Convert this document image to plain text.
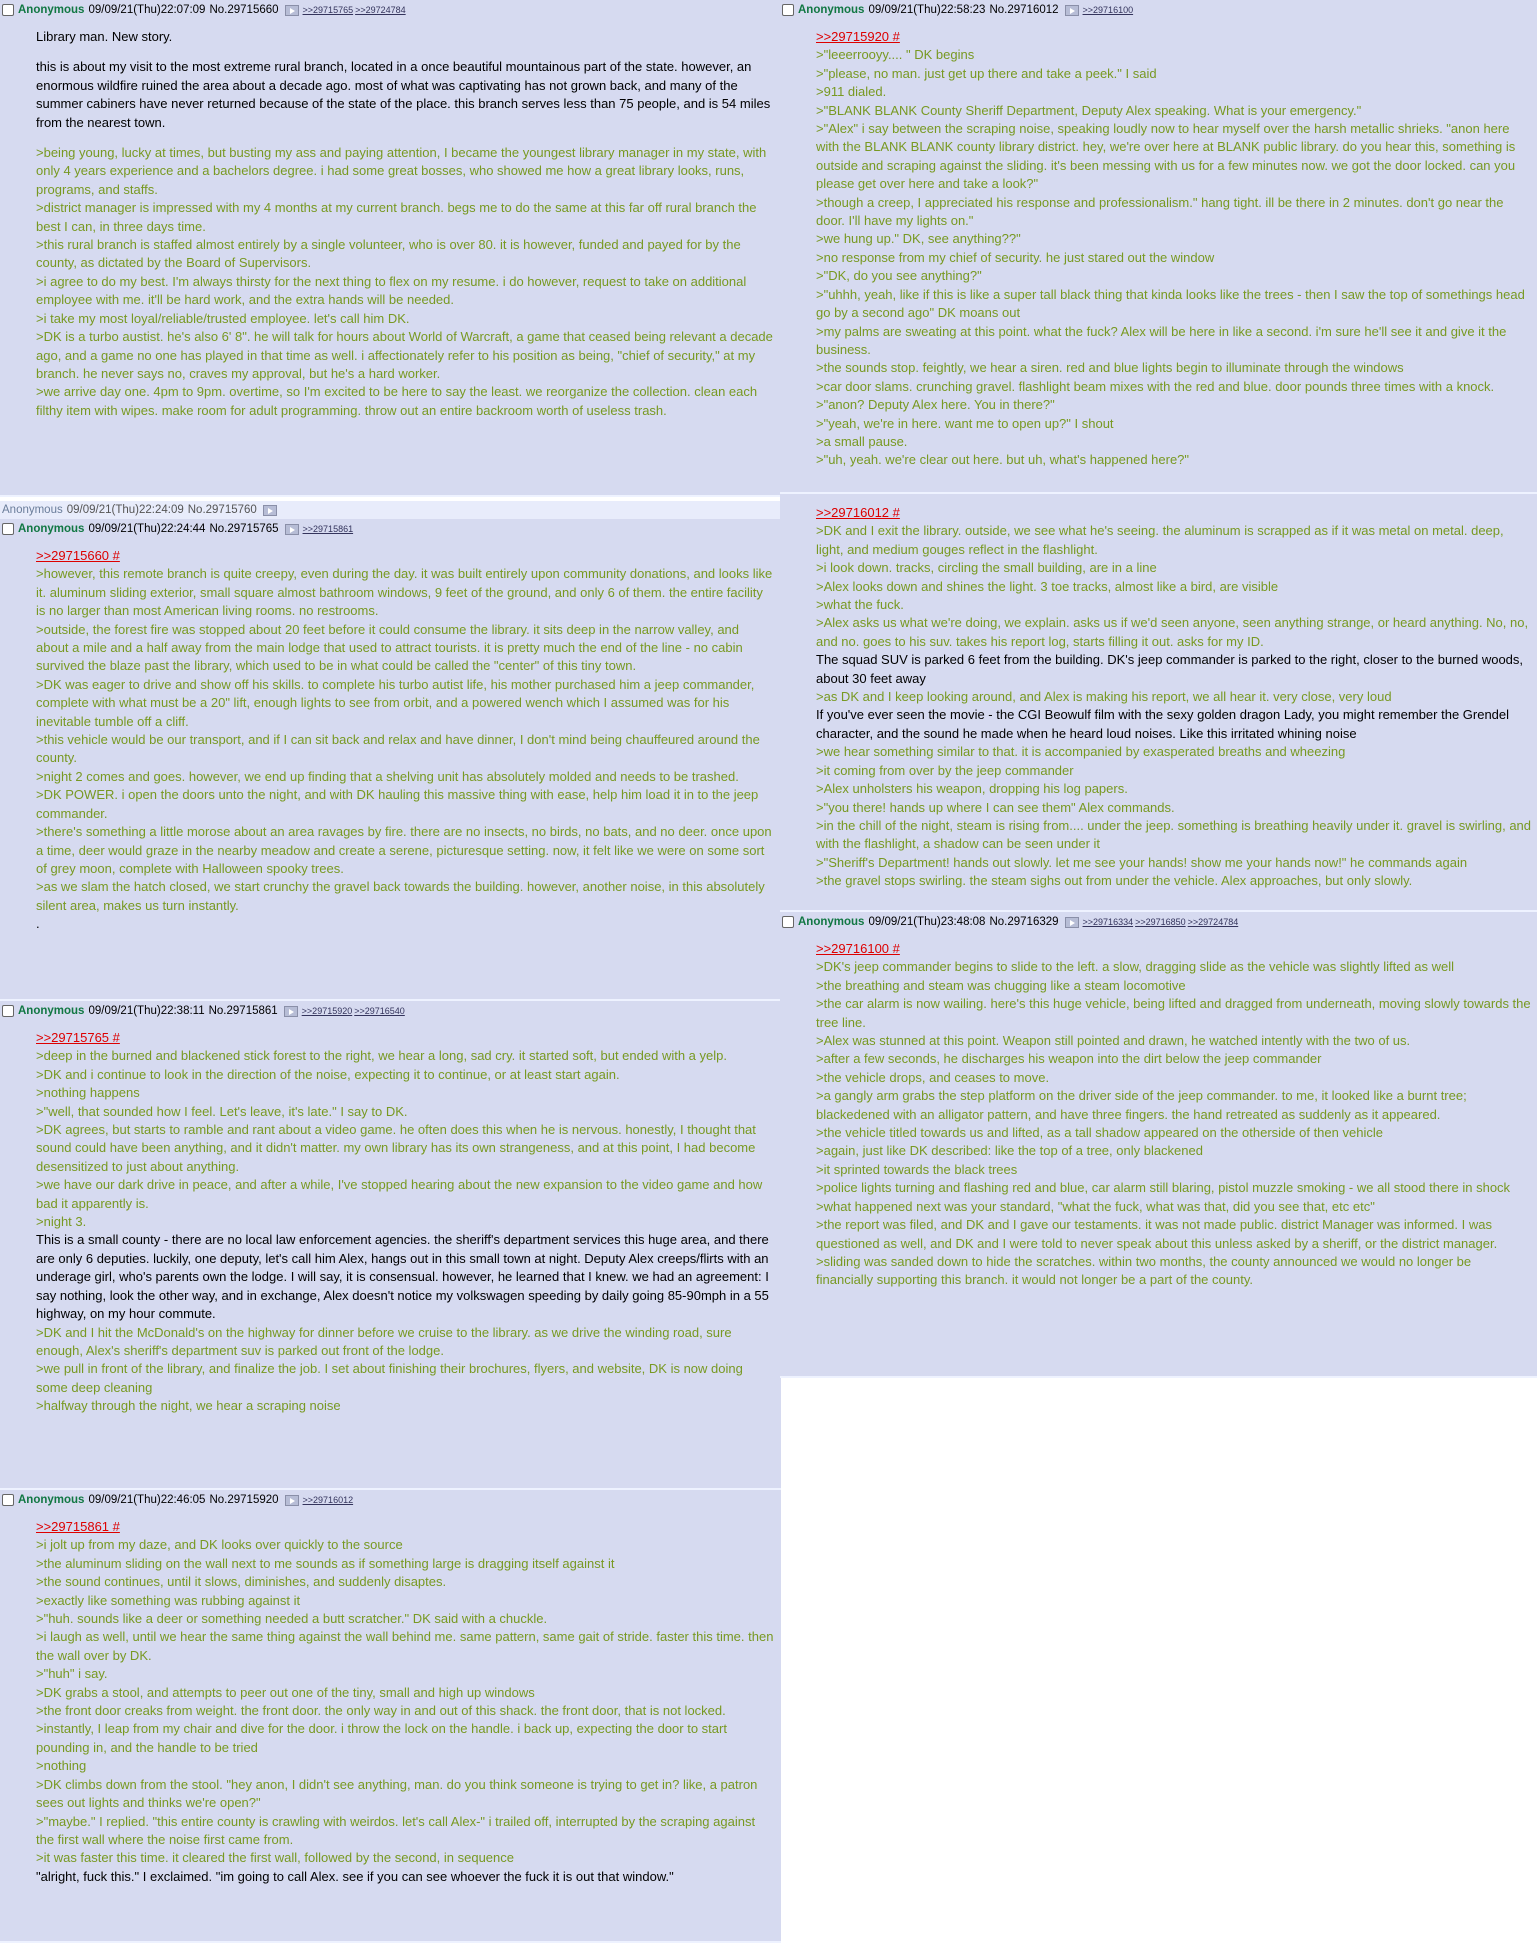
Anonymous 09/09/21(Thu)22:07:09 No.29715660	>>29715765 >>29724784
Library man. New story.
this is about my visit to the most extreme rural branch, located in a once beautiful mountainous part of the state. however, an enormous wildfire ruined the area about a decade ago. most of what was captivating has not grown back, and many of the summer cabiners have never returned because of the state of the place. this branch serves less than 75 people, and is 54 miles from the nearest town.
>being young, lucky at times, but busting my ass and paying attention, I became the youngest library manager in my state, with only 4 years experience and a bachelors degree. i had some great bosses, who showed me how a great library looks, runs, programs, and staffs.
>district manager is impressed with my 4 months at my current branch. begs me to do the same at this far off rural branch the best I can, in three days time.
>this rural branch is staffed almost entirely by a single volunteer, who is over 80. it is however, funded and payed for by the county, as dictated by the Board of Supervisors.
>i agree to do my best. I'm always thirsty for the next thing to flex on my resume. i do however, request to take on additional employee with me. it'll be hard work, and the extra hands will be needed.
>i take my most loyal/reliable/trusted employee. let's call him DK.
>DK is a turbo austist. he's also 6' 8". he will talk for hours about World of Warcraft, a game that ceased being relevant a decade ago, and a game no one has played in that time as well. i affectionately refer to his position as being, "chief of security," at my branch. he never says no, craves my approval, but he's a hard worker.
>we arrive day one. 4pm to 9pm. overtime, so I'm excited to be here to say the least. we reorganize the collection. clean each filthy item with wipes. make room for adult programming. throw out an entire backroom worth of useless trash.
Anonymous 09/09/21(Thu)22:24:09 No.29715760
Anonymous 09/09/21(Thu)22:24:44 No.29715765	>>29715861
>>29715660 #
>however, this remote branch is quite creepy, even during the day. it was built entirely upon community donations, and looks like it. aluminum sliding exterior, small square almost bathroom windows, 9 feet of the ground, and only 6 of them. the entire facility is no larger than most American living rooms. no restrooms.
>outside, the forest fire was stopped about 20 feet before it could consume the library. it sits deep in the narrow valley, and about a mile and a half away from the main lodge that used to attract tourists. it is pretty much the end of the line - no cabin survived the blaze past the library, which used to be in what could be called the "center" of this tiny town.
>DK was eager to drive and show off his skills. to complete his turbo autist life, his mother purchased him a jeep commander, complete with what must be a 20" lift, enough lights to see from orbit, and a powered wench which I assumed was for his inevitable tumble off a cliff.
>this vehicle would be our transport, and if I can sit back and relax and have dinner, I don't mind being chauffeured around the county.
>night 2 comes and goes. however, we end up finding that a shelving unit has absolutely molded and needs to be trashed.
>DK POWER. i open the doors unto the night, and with DK hauling this massive thing with ease, help him load it in to the jeep commander.
>there's something a little morose about an area ravages by fire. there are no insects, no birds, no bats, and no deer. once upon a time, deer would graze in the nearby meadow and create a serene, picturesque setting. now, it felt like we were on some sort of grey moon, complete with Halloween spooky trees.
>as we slam the hatch closed, we start crunchy the gravel back towards the building. however, another noise, in this absolutely silent area, makes us turn instantly.
.
Anonymous 09/09/21(Thu)22:38:11 No.29715861	>>29715920 >>29716540
>>29715765 #
>deep in the burned and blackened stick forest to the right, we hear a long, sad cry. it started soft, but ended with a yelp.
>DK and i continue to look in the direction of the noise, expecting it to continue, or at least start again.
>nothing happens
>"well, that sounded how I feel. Let's leave, it's late." I say to DK.
>DK agrees, but starts to ramble and rant about a video game. he often does this when he is nervous. honestly, I thought that sound could have been anything, and it didn't matter. my own library has its own strangeness, and at this point, I had become desensitized to just about anything.
>we have our dark drive in peace, and after a while, I've stopped hearing about the new expansion to the video game and how bad it apparently is.
>night 3.
This is a small county - there are no local law enforcement agencies. the sheriff's department services this huge area, and there are only 6 deputies. luckily, one deputy, let's call him Alex, hangs out in this small town at night. Deputy Alex creeps/flirts with an underage girl, who's parents own the lodge. I will say, it is consensual. however, he learned that I knew. we had an agreement: I say nothing, look the other way, and in exchange, Alex doesn't notice my volkswagen speeding by daily going 85-90mph in a 55 highway, on my hour commute.
>DK and I hit the McDonald's on the highway for dinner before we cruise to the library. as we drive the winding road, sure enough, Alex's sheriff's department suv is parked out front of the lodge.
>we pull in front of the library, and finalize the job. I set about finishing their brochures, flyers, and website, DK is now doing some deep cleaning
>halfway through the night, we hear a scraping noise
Anonymous 09/09/21(Thu)22:46:05 No.29715920	>>29716012
>>29715861 #
>i jolt up from my daze, and DK looks over quickly to the source
>the aluminum sliding on the wall next to me sounds as if something large is dragging itself against it
>the sound continues, until it slows, diminishes, and suddenly disaptes.
>exactly like something was rubbing against it
>"huh. sounds like a deer or something needed a butt scratcher." DK said with a chuckle.
>i laugh as well, until we hear the same thing against the wall behind me. same pattern, same gait of stride. faster this time. then the wall over by DK.
>"huh" i say.
>DK grabs a stool, and attempts to peer out one of the tiny, small and high up windows
>the front door creaks from weight. the front door. the only way in and out of this shack. the front door, that is not locked.
>instantly, I leap from my chair and dive for the door. i throw the lock on the handle. i back up, expecting the door to start pounding in, and the handle to be tried
>nothing
>DK climbs down from the stool. "hey anon, I didn't see anything, man. do you think someone is trying to get in? like, a patron sees out lights and thinks we're open?"
>"maybe." I replied. "this entire county is crawling with weirdos. let's call Alex-" i trailed off, interrupted by the scraping against the first wall where the noise first came from.
>it was faster this time. it cleared the first wall, followed by the second, in sequence
"alright, fuck this." I exclaimed. "im going to call Alex. see if you can see whoever the fuck it is out that window."
Anonymous 09/09/21(Thu)22:58:23 No.29716012	>>29716100
>>29715920 #
>"leeerrooyy.... " DK begins
>"please, no man. just get up there and take a peek." I said
>911 dialed.
>"BLANK BLANK County Sheriff Department, Deputy Alex speaking. What is your emergency."
>"Alex" i say between the scraping noise, speaking loudly now to hear myself over the harsh metallic shrieks. "anon here with the BLANK BLANK county library district. hey, we're over here at BLANK public library. do you hear this, something is outside and scraping against the sliding. it's been messing with us for a few minutes now. we got the door locked. can you please get over here and take a look?"
>though a creep, I appreciated his response and professionalism." hang tight. ill be there in 2 minutes. don't go near the door. I'll have my lights on."
>we hung up." DK, see anything??"
>no response from my chief of security. he just stared out the window
>"DK, do you see anything?"
>"uhhh, yeah, like if this is like a super tall black thing that kinda looks like the trees - then I saw the top of somethings head go by a second ago" DK moans out
>my palms are sweating at this point. what the fuck? Alex will be here in like a second. i'm sure he'll see it and give it the business.
>the sounds stop. feightly, we hear a siren. red and blue lights begin to illuminate through the windows
>car door slams. crunching gravel. flashlight beam mixes with the red and blue. door pounds three times with a knock.
>"anon? Deputy Alex here. You in there?"
>"yeah, we're in here. want me to open up?" I shout
>a small pause.
>"uh, yeah. we're clear out here. but uh, what's happened here?"
>>29716012 #
>DK and I exit the library. outside, we see what he's seeing. the aluminum is scrapped as if it was metal on metal. deep, light, and medium gouges reflect in the flashlight.
>i look down. tracks, circling the small building, are in a line
>Alex looks down and shines the light. 3 toe tracks, almost like a bird, are visible
>what the fuck.
>Alex asks us what we're doing, we explain. asks us if we'd seen anyone, seen anything strange, or heard anything. No, no, and no. goes to his suv. takes his report log, starts filling it out. asks for my ID.
The squad SUV is parked 6 feet from the building. DK's jeep commander is parked to the right, closer to the burned woods, about 30 feet away
>as DK and I keep looking around, and Alex is making his report, we all hear it. very close, very loud
If you've ever seen the movie - the CGI Beowulf film with the sexy golden dragon Lady, you might remember the Grendel character, and the sound he made when he heard loud noises. Like this irritated whining noise
>we hear something similar to that. it is accompanied by exasperated breaths and wheezing
>it coming from over by the jeep commander
>Alex unholsters his weapon, dropping his log papers.
>"you there! hands up where I can see them" Alex commands.
>in the chill of the night, steam is rising from.... under the jeep. something is breathing heavily under it. gravel is swirling, and with the flashlight, a shadow can be seen under it
>"Sheriff's Department! hands out slowly. let me see your hands! show me your hands now!" he commands again
>the gravel stops swirling. the steam sighs out from under the vehicle. Alex approaches, but only slowly.
Anonymous 09/09/21(Thu)23:48:08 No.29716329	>>29716334 >>29716850 >>29724784
>>29716100 #
>DK's jeep commander begins to slide to the left. a slow, dragging slide as the vehicle was slightly lifted as well
>the breathing and steam was chugging like a steam locomotive
>the car alarm is now wailing. here's this huge vehicle, being lifted and dragged from underneath, moving slowly towards the tree line.
>Alex was stunned at this point. Weapon still pointed and drawn, he watched intently with the two of us.
>after a few seconds, he discharges his weapon into the dirt below the jeep commander
>the vehicle drops, and ceases to move.
>a gangly arm grabs the step platform on the driver side of the jeep commander. to me, it looked like a burnt tree; blackedened with an alligator pattern, and have three fingers. the hand retreated as suddenly as it appeared.
>the vehicle titled towards us and lifted, as a tall shadow appeared on the otherside of then vehicle
>again, just like DK described: like the top of a tree, only blackened
>it sprinted towards the black trees
>police lights turning and flashing red and blue, car alarm still blaring, pistol muzzle smoking - we all stood there in shock
>what happened next was your standard, "what the fuck, what was that, did you see that, etc etc"
>the report was filed, and DK and I gave our testaments. it was not made public. district Manager was informed. I was questioned as well, and DK and I were told to never speak about this unless asked by a sheriff, or the district manager.
>sliding was sanded down to hide the scratches. within two months, the county announced we would no longer be financially supporting this branch. it would not longer be a part of the county.
